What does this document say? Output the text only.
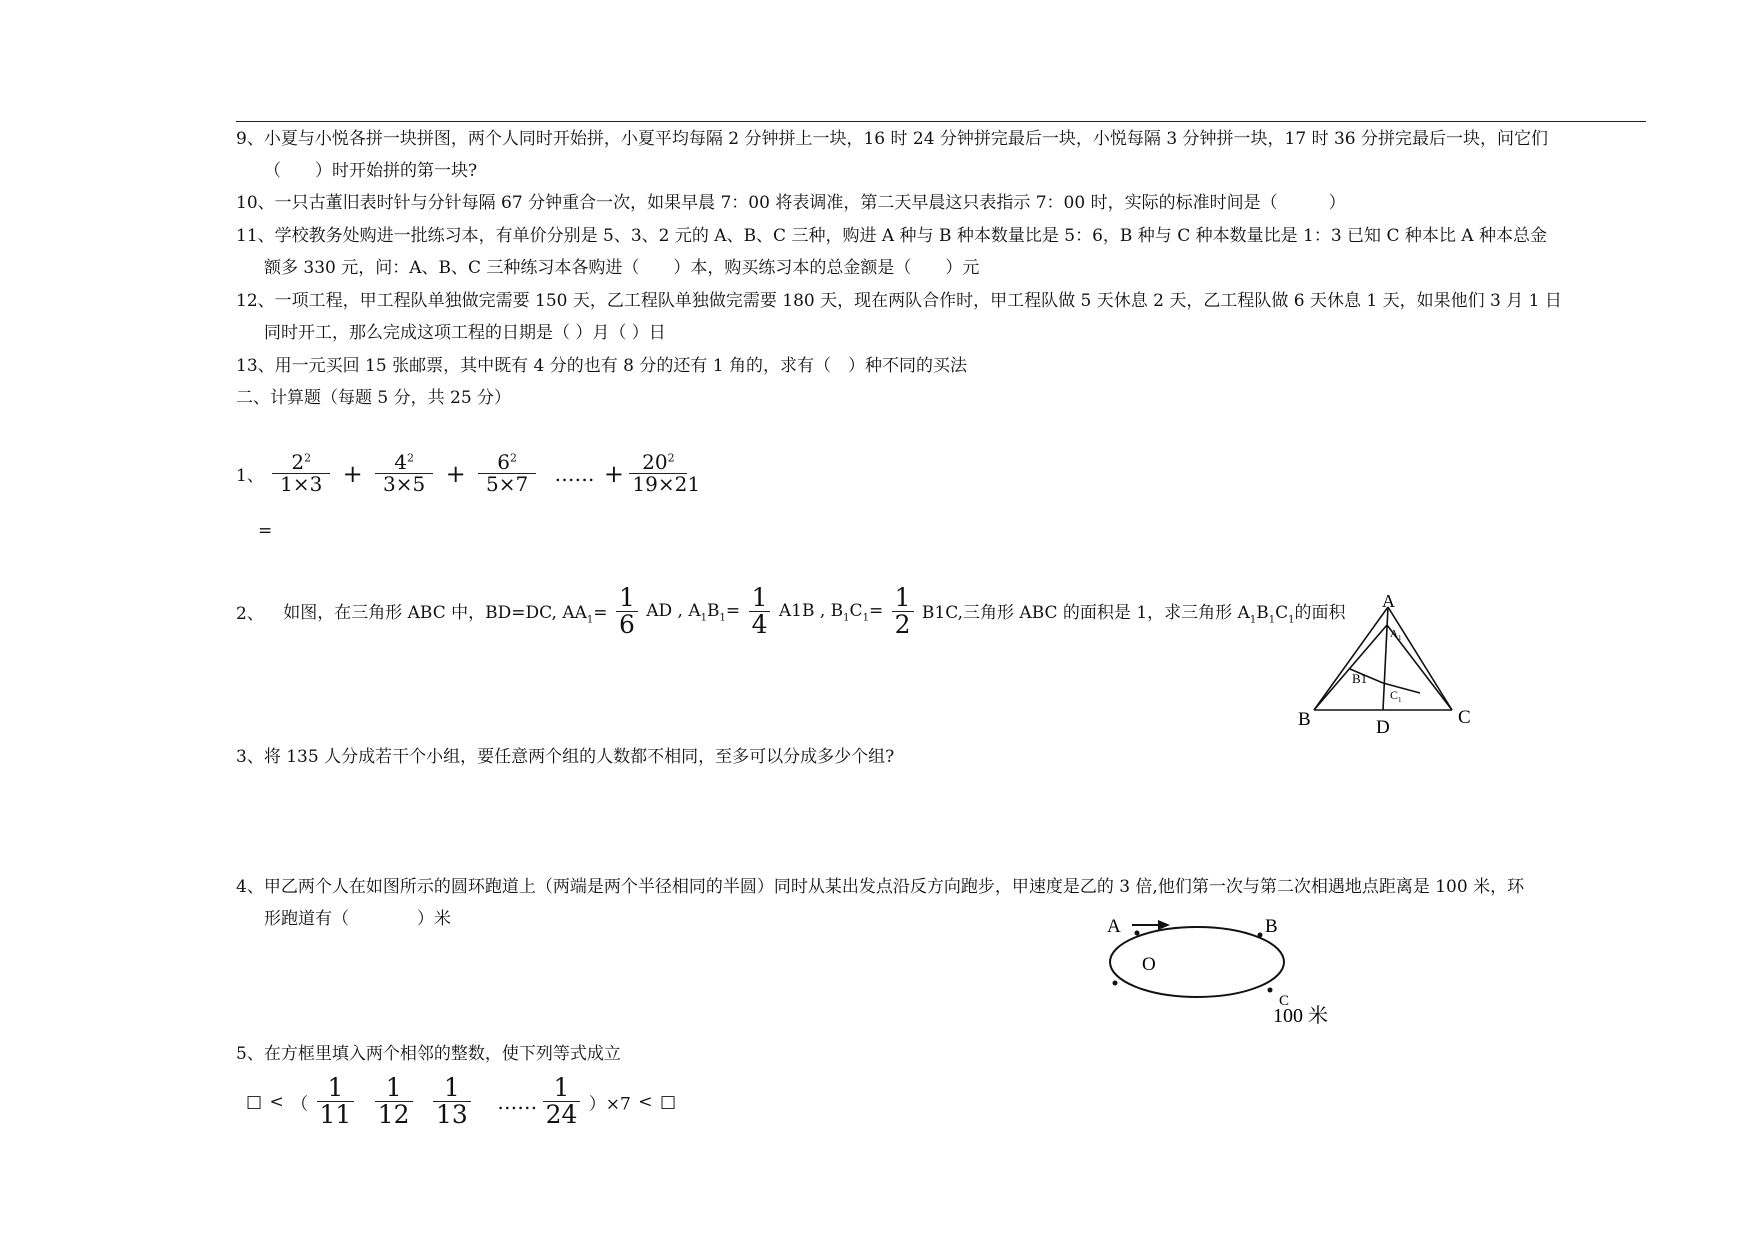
9、小夏与小悦各拼一块拼图，两个人同时开始拼，小夏平均每隔 2 分钟拼上一块，16 时 24 分钟拼完最后一块，小悦每隔 3 分钟拼一块，17 时 36 分拼完最后一块，问它们
（　　）时开始拼的第一块?
10、一只古董旧表时针与分针每隔 67 分钟重合一次，如果早晨 7：00 将表调准，第二天早晨这只表指示 7：00 时，实际的标准时间是（　　　）
11、学校教务处购进一批练习本，有单价分别是 5、3、2 元的 A、B、C 三种，购进 A 种与 B 种本数量比是 5：6，B 种与 C 种本数量比是 1：3 已知 C 种本比 A 种本总金
额多 330 元，问：A、B、C 三种练习本各购进（　　）本，购买练习本的总金额是（　　）元
12、一项工程，甲工程队单独做完需要 150 天，乙工程队单独做完需要 180 天，现在两队合作时，甲工程队做 5 天休息 2 天，乙工程队做 6 天休息 1 天，如果他们 3 月 1 日
同时开工，那么完成这项工程的日期是（ ）月（ ）日
13、用一元买回 15 张邮票，其中既有 4 分的也有 8 分的还有 1 角的，求有（　）种不同的买法
二、计算题（每题 5 分，共 25 分）
1、 $\frac{2^2}{1\times 3} + \frac{4^2}{3\times 5} + \frac{6^2}{5\times 7}$ …… + $\frac{20^2}{19\times 21}$
=
2、 如图，在三角形 ABC 中，BD=DC, $AA_1= \frac{1}{6}$ AD , $A_1B_1= \frac{1}{4} A1B$ , $B_1C_1= \frac{1}{2} B1C$,三角形 ABC 的面积是 1，求三角形 $A_1B_1C_1$的面积
A
$A_1$
B1
$C_1$
B	C
D
3、将 135 人分成若干个小组，要任意两个组的人数都不相同，至多可以分成多少个组?
4、甲乙两个人在如图所示的圆环跑道上（两端是两个半径相同的半圆）同时从某出发点沿反方向跑步，甲速度是乙的 3 倍,他们第一次与第二次相遇地点距离是 100 米，环
形跑道有（　　　　）米	A	B
O
C
100 米
5、在方框里填入两个相邻的整数，使下列等式成立
□ < （ $\frac{1}{11}$
$\frac{1}{12}$
$\frac{1}{13}$ …… $\frac{1}{24} )\times 7$ < □
